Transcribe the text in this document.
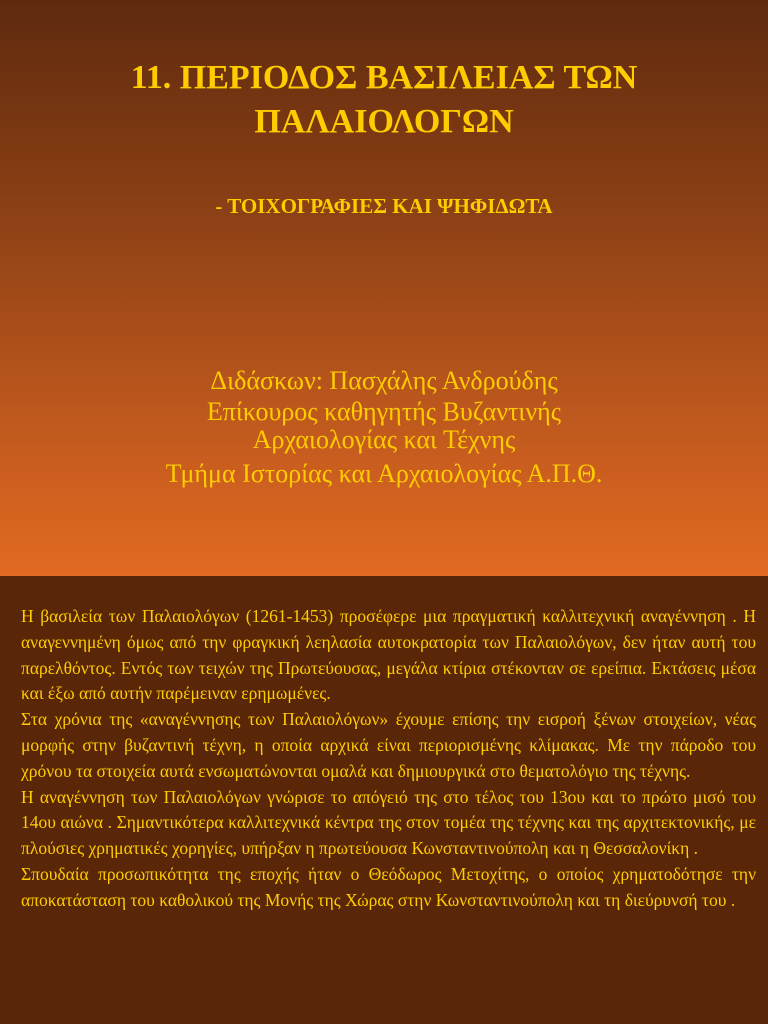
11. ΠΕΡΙΟΔΟΣ ΒΑΣΙΛΕΙΑΣ ΤΩΝ
ΠΑΛΑΙΟΛΟΓΩΝ
- ΤΟΙΧΟΓΡΑΦΙΕΣ ΚΑΙ ΨΗΦΙΔΩΤΑ
Διδάσκων: Πασχάλης Ανδρούδης
Επίκουρος καθηγητής Βυζαντινής
Αρχαιολογίας και Τέχνης
Τμήμα Ιστορίας και Αρχαιολογίας Α.Π.Θ.

Η βασιλεία των Παλαιολόγων (1261-1453) προσέφερε μια πραγματική καλλιτεχνική αναγέννηση . Η αναγεννημένη όμως από την φραγκική λεηλασία αυτοκρατορία των Παλαιολόγων, δεν ήταν αυτή του παρελθόντος. Εντός των τειχών της Πρωτεύουσας, μεγάλα κτίρια στέκονταν σε ερείπια. Εκτάσεις μέσα και έξω από αυτήν παρέμειναν ερημωμένες.

Στα χρόνια της «αναγέννησης των Παλαιολόγων» έχουμε επίσης την εισροή ξένων στοιχείων, νέας μορφής στην βυζαντινή τέχνη, η οποία αρχικά είναι περιορισμένης κλίμακας. Με την πάροδο του χρόνου τα στοιχεία αυτά ενσωματώνονται ομαλά και δημιουργικά στο θεματολόγιο της τέχνης.

Η αναγέννηση των Παλαιολόγων γνώρισε το απόγειό της στο τέλος του 13ου και το πρώτο μισό του 14ου αιώνα . Σημαντικότερα καλλιτεχνικά κέντρα της στον τομέα της τέχνης και της αρχιτεκτονικής, με πλούσιες χρηματικές χορηγίες, υπήρξαν η πρωτεύουσα Κωνσταντινούπολη και η Θεσσαλονίκη .

Σπουδαία προσωπικότητα της εποχής ήταν ο Θεόδωρος Μετοχίτης, ο οποίος χρηματοδότησε την αποκατάσταση του καθολικού της Μονής της Χώρας στην Κωνσταντινούπολη και τη διεύρυνσή του .
